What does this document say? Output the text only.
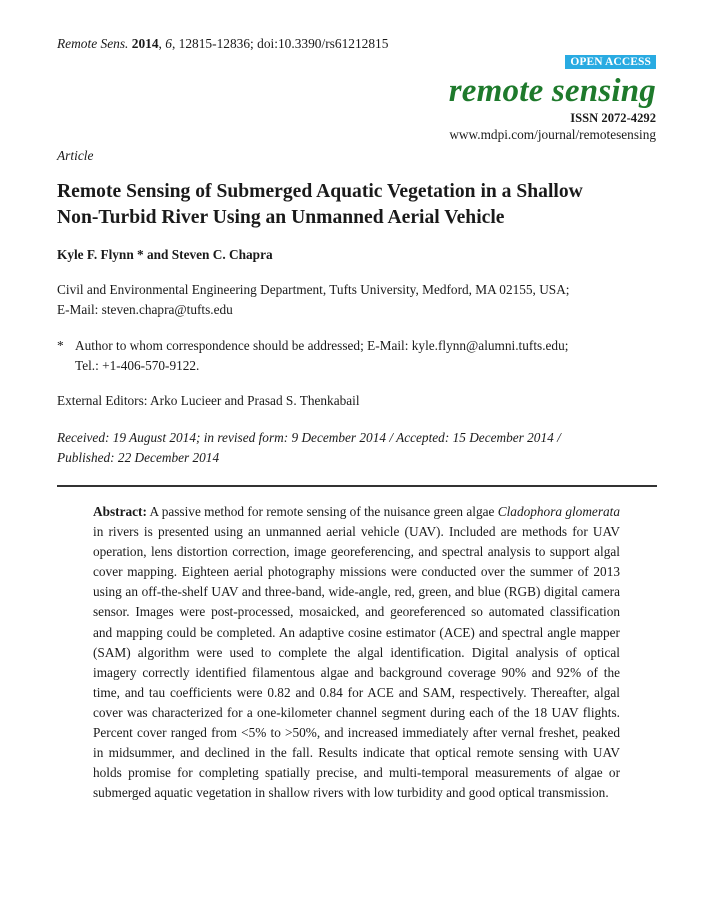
Remote Sens. 2014, 6, 12815-12836; doi:10.3390/rs61212815
OPEN ACCESS
remote sensing
ISSN 2072-4292
www.mdpi.com/journal/remotesensing
Article
Remote Sensing of Submerged Aquatic Vegetation in a Shallow
Non-Turbid River Using an Unmanned Aerial Vehicle
Kyle F. Flynn * and Steven C. Chapra
Civil and Environmental Engineering Department, Tufts University, Medford, MA 02155, USA;
E-Mail: steven.chapra@tufts.edu
* Author to whom correspondence should be addressed; E-Mail: kyle.flynn@alumni.tufts.edu;
Tel.: +1-406-570-9122.
External Editors: Arko Lucieer and Prasad S. Thenkabail
Received: 19 August 2014; in revised form: 9 December 2014 / Accepted: 15 December 2014 /
Published: 22 December 2014
Abstract: A passive method for remote sensing of the nuisance green algae Cladophora glomerata in rivers is presented using an unmanned aerial vehicle (UAV). Included are methods for UAV operation, lens distortion correction, image georeferencing, and spectral analysis to support algal cover mapping. Eighteen aerial photography missions were conducted over the summer of 2013 using an off-the-shelf UAV and three-band, wide-angle, red, green, and blue (RGB) digital camera sensor. Images were post-processed, mosaicked, and georeferenced so automated classification and mapping could be completed. An adaptive cosine estimator (ACE) and spectral angle mapper (SAM) algorithm were used to complete the algal identification. Digital analysis of optical imagery correctly identified filamentous algae and background coverage 90% and 92% of the time, and tau coefficients were 0.82 and 0.84 for ACE and SAM, respectively. Thereafter, algal cover was characterized for a one-kilometer channel segment during each of the 18 UAV flights. Percent cover ranged from <5% to >50%, and increased immediately after vernal freshet, peaked in midsummer, and declined in the fall. Results indicate that optical remote sensing with UAV holds promise for completing spatially precise, and multi-temporal measurements of algae or submerged aquatic vegetation in shallow rivers with low turbidity and good optical transmission.
